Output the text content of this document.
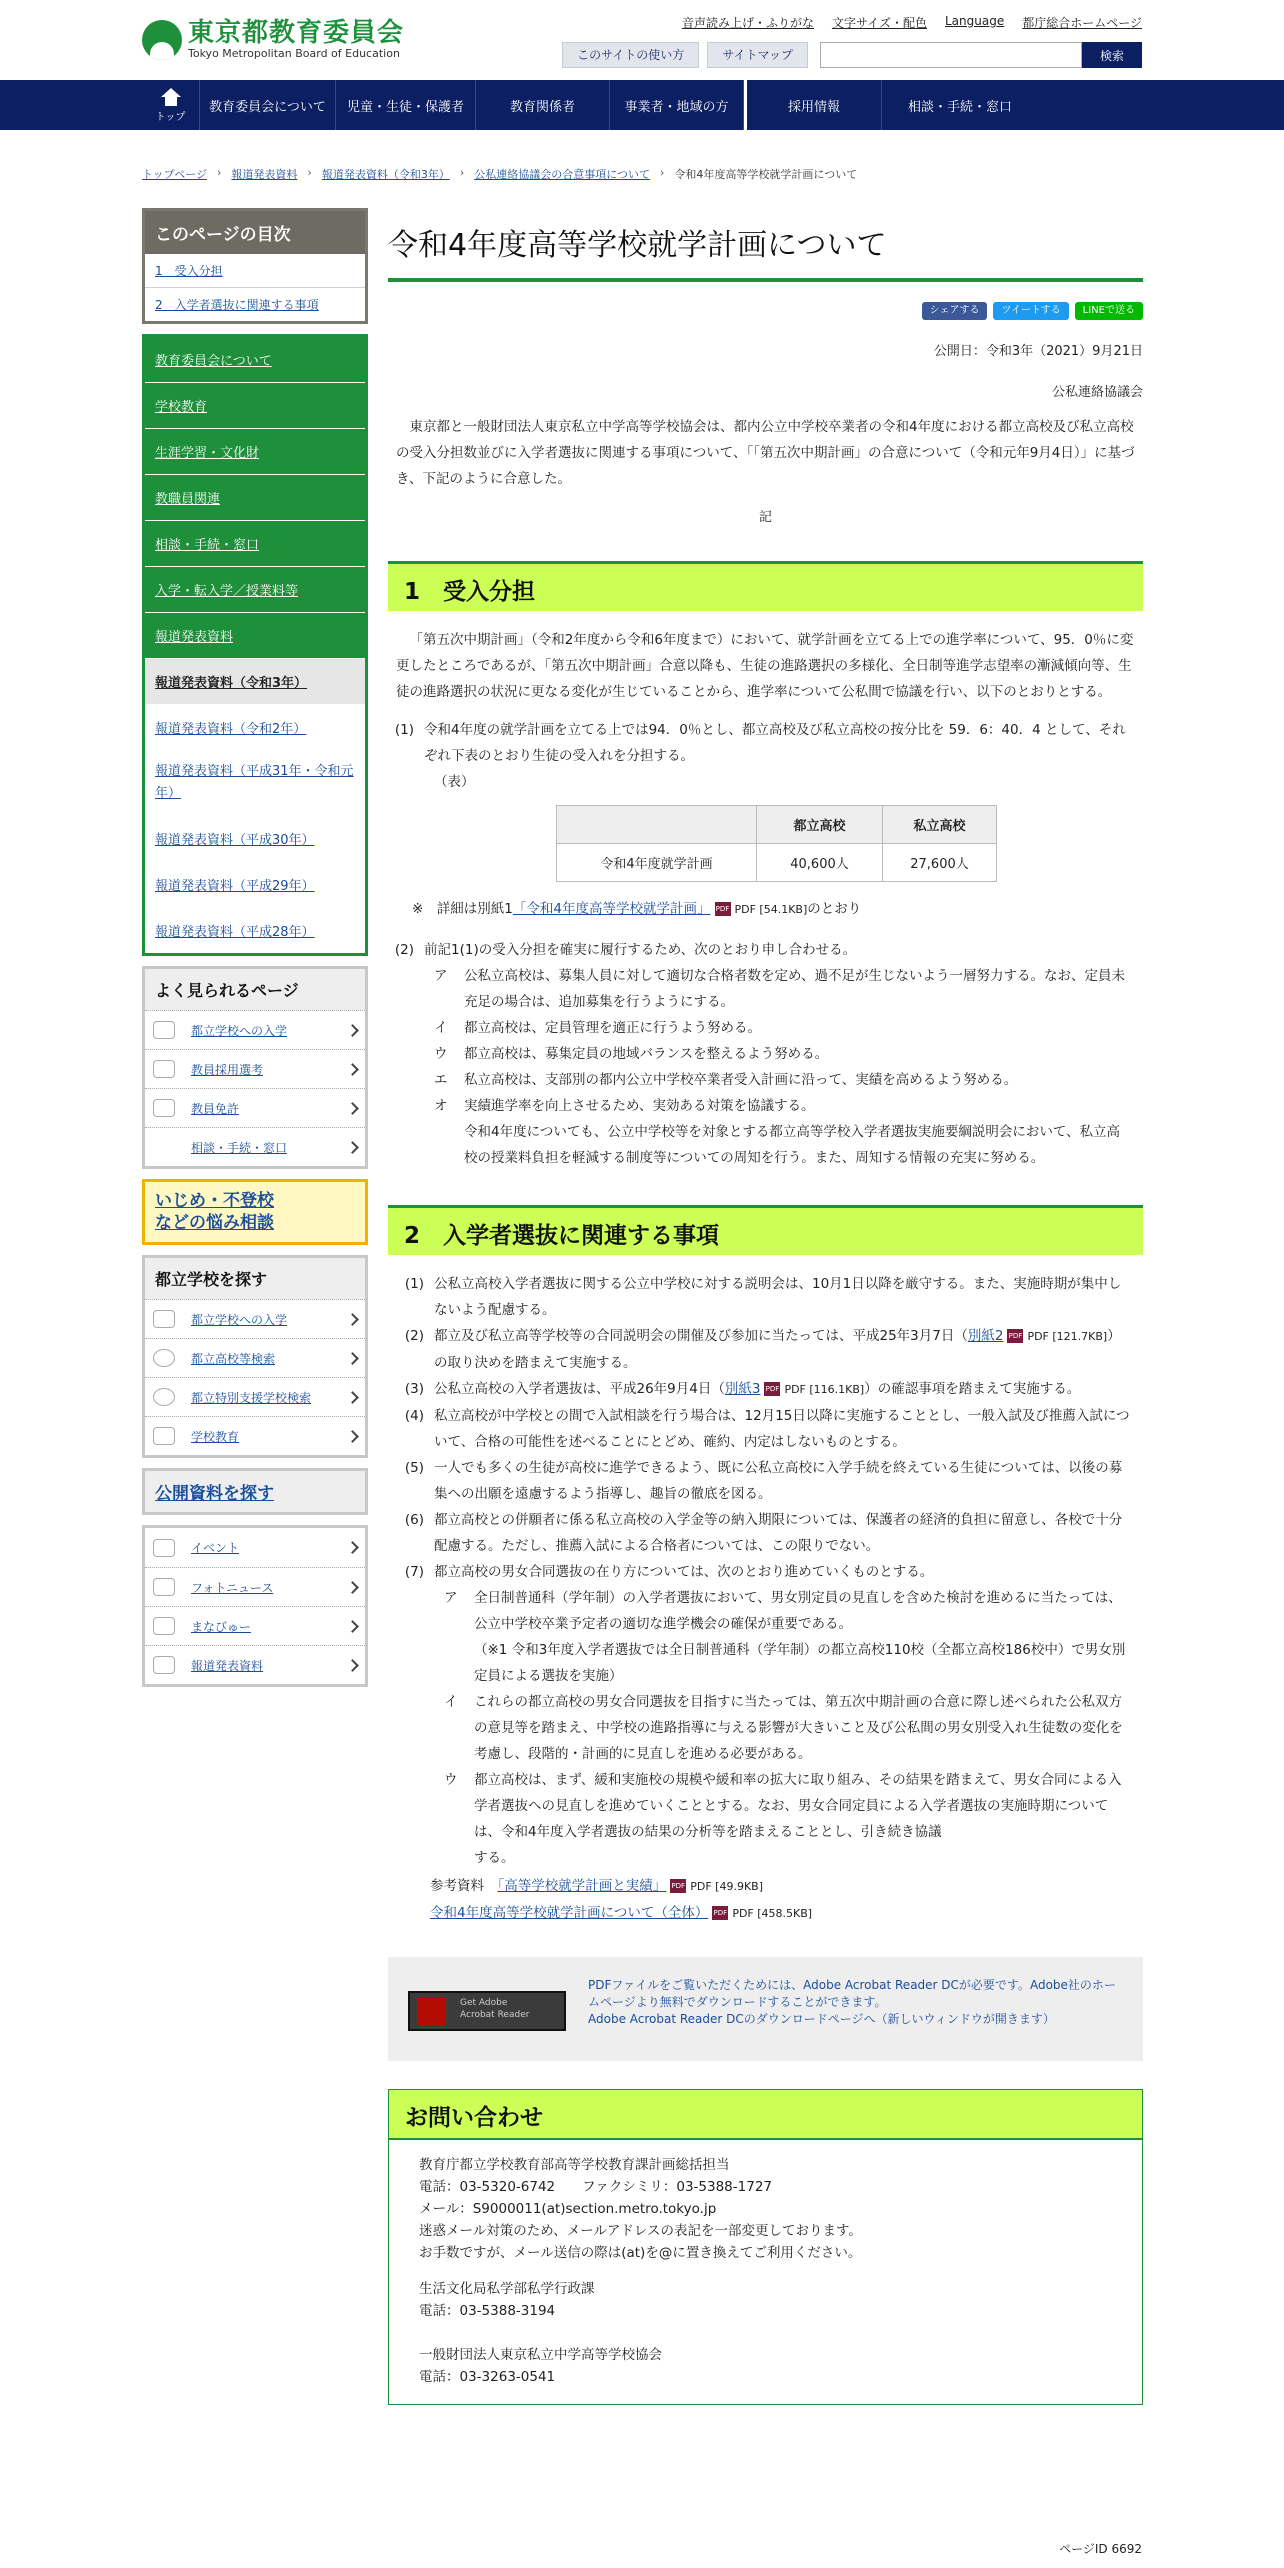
東京都教育委員会
Tokyo Metropolitan Board of Education
音声読み上げ・ふりがな 文字サイズ・配色 Language 都庁総合ホームページ
このサイトの使い方	サイトマップ	検索
トップ
教育委員会について	児童・生徒・保護者	教育関係者	事業者・地域の方	採用情報	相談・手続・窓口
トップページ › 報道発表資料 › 報道発表資料（令和3年） › 公私連絡協議会の合意事項について › 令和4年度高等学校就学計画について
このページの目次
1　受入分担
2　入学者選抜に関連する事項
教育委員会について
学校教育
生涯学習・文化財
教職員関連
相談・手続・窓口
入学・転入学／授業料等
報道発表資料
報道発表資料（令和3年）
報道発表資料（令和2年）
報道発表資料（平成31年・令和元年）
報道発表資料（平成30年）
報道発表資料（平成29年）
報道発表資料（平成28年）
よく見られるページ
都立学校への入学
教員採用選考
教員免許
相談・手続・窓口
いじめ・不登校
などの悩み相談
都立学校を探す
都立学校への入学
都立高校等検索
都立特別支援学校検索
学校教育
公開資料を探す
イベント
フォトニュース
まなびゅー
報道発表資料
令和4年度高等学校就学計画について
シェアする	ツイートする	LINEで送る
公開日：令和3年（2021）9月21日
公私連絡協議会

東京都と一般財団法人東京私立中学高等学校協会は、都内公立中学校卒業者の令和4年度における都立高校及び私立高校の受入分担数並びに入学者選抜に関連する事項について、「「第五次中期計画」の合意について（令和元年9月4日）」に基づき、下記のように合意した。

記
1　受入分担

「第五次中期計画」（令和2年度から令和6年度まで）において、就学計画を立てる上での進学率について、95．0％に変更したところであるが、「第五次中期計画」合意以降も、生徒の進路選択の多様化、全日制等進学志望率の漸減傾向等、生徒の進路選択の状況に更なる変化が生じていることから、進学率について公私間で協議を行い、以下のとおりとする。

(1) 令和4年度の就学計画を立てる上では94．0％とし、都立高校及び私立高校の按分比を 59．6：40．4 として、それぞれ下表のとおり生徒の受入れを分担する。
（表）
	都立高校	私立高校
令和4年度就学計画	40,600人	27,600人
※　詳細は別紙1「令和4年度高等学校就学計画」 PDF PDF [54.1KB]のとおり
(2) 前記1(1)の受入分担を確実に履行するため、次のとおり申し合わせる。
ア	公私立高校は、募集人員に対して適切な合格者数を定め、過不足が生じないよう一層努力する。なお、定員未充足の場合は、追加募集を行うようにする。
イ	都立高校は、定員管理を適正に行うよう努める。
ウ	都立高校は、募集定員の地域バランスを整えるよう努める。
エ	私立高校は、支部別の都内公立中学校卒業者受入計画に沿って、実績を高めるよう努める。
オ	実績進学率を向上させるため、実効ある対策を協議する。
令和4年度についても、公立中学校等を対象とする都立高等学校入学者選抜実施要綱説明会において、私立高校の授業料負担を軽減する制度等についての周知を行う。また、周知する情報の充実に努める。
2　入学者選抜に関連する事項
(1) 公私立高校入学者選抜に関する公立中学校に対する説明会は、10月1日以降を厳守する。また、実施時期が集中しないよう配慮する。
(2) 都立及び私立高等学校等の合同説明会の開催及び参加に当たっては、平成25年3月7日（別紙2 PDF PDF [121.7KB]）の取り決めを踏まえて実施する。
(3) 公私立高校の入学者選抜は、平成26年9月4日（別紙3 PDF PDF [116.1KB]）の確認事項を踏まえて実施する。
(4) 私立高校が中学校との間で入試相談を行う場合は、12月15日以降に実施することとし、一般入試及び推薦入試について、合格の可能性を述べることにとどめ、確約、内定はしないものとする。
(5) 一人でも多くの生徒が高校に進学できるよう、既に公私立高校に入学手続を終えている生徒については、以後の募集への出願を遠慮するよう指導し、趣旨の徹底を図る。
(6) 都立高校との併願者に係る私立高校の入学金等の納入期限については、保護者の経済的負担に留意し、各校で十分配慮する。ただし、推薦入試による合格者については、この限りでない。
(7) 都立高校の男女合同選抜の在り方については、次のとおり進めていくものとする。
ア	全日制普通科（学年制）の入学者選抜において、男女別定員の見直しを含めた検討を進めるに当たっては、公立中学校卒業予定者の適切な進学機会の確保が重要である。
（※1 令和3年度入学者選抜では全日制普通科（学年制）の都立高校110校（全都立高校186校中）で男女別定員による選抜を実施）
イ	これらの都立高校の男女合同選抜を目指すに当たっては、第五次中期計画の合意に際し述べられた公私双方の意見等を踏まえ、中学校の進路指導に与える影響が大きいこと及び公私間の男女別受入れ生徒数の変化を考慮し、段階的・計画的に見直しを進める必要がある。
ウ	都立高校は、まず、緩和実施校の規模や緩和率の拡大に取り組み、その結果を踏まえて、男女合同による入学者選抜への見直しを進めていくこととする。なお、男女合同定員による入学者選抜の実施時期については、令和4年度入学者選抜の結果の分析等を踏まえることとし、引き続き協議
する。
参考資料　 「高等学校就学計画と実績」 PDF PDF [49.9KB]
令和4年度高等学校就学計画について（全体） PDF PDF [458.5KB]
Get Adobe
Acrobat Reader
PDFファイルをご覧いただくためには、Adobe Acrobat Reader DCが必要です。Adobe社のホームページより無料でダウンロードすることができます。
Adobe Acrobat Reader DCのダウンロードページへ（新しいウィンドウが開きます）
お問い合わせ
教育庁都立学校教育部高等学校教育課計画総括担当
電話：03-5320-6742　　ファクシミリ：03-5388-1727
メール：S9000011(at)section.metro.tokyo.jp
迷惑メール対策のため、メールアドレスの表記を一部変更しております。
お手数ですが、メール送信の際は(at)を@に置き換えてご利用ください。
生活文化局私学部私学行政課
電話：03-5388-3194
一般財団法人東京私立中学高等学校協会
電話：03-3263-0541
ページID 6692
